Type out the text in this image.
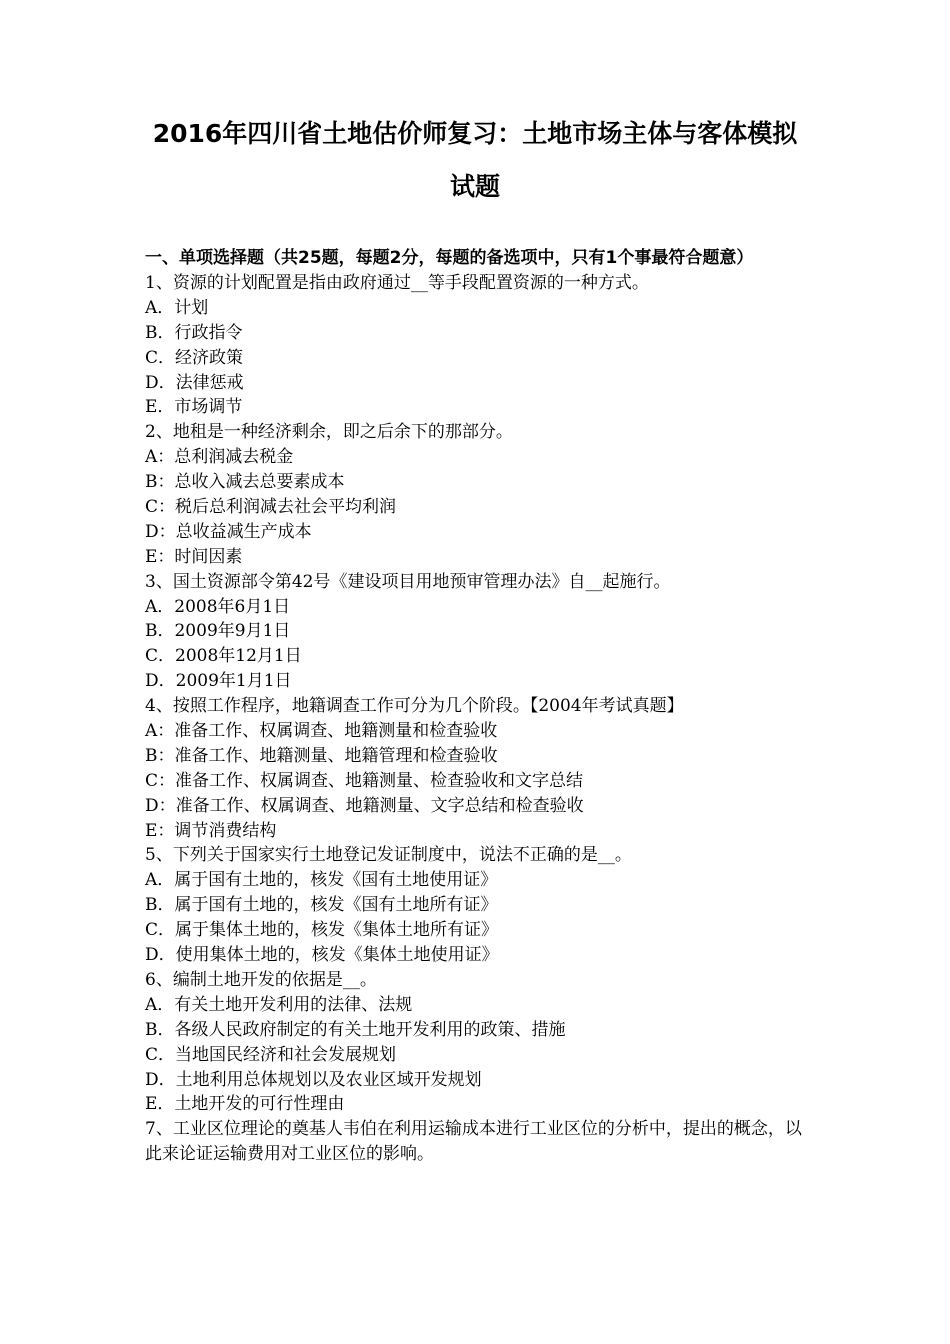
2016年四川省土地估价师复习：土地市场主体与客体模拟
试题
一、单项选择题（共25题，每题2分，每题的备选项中，只有1个事最符合题意）
1、资源的计划配置是指由政府通过__等手段配置资源的一种方式。
A．计划
B．行政指令
C．经济政策
D．法律惩戒
E．市场调节
2、地租是一种经济剩余，即之后余下的那部分。
A：总利润减去税金
B：总收入减去总要素成本
C：税后总利润减去社会平均利润
D：总收益减生产成本
E：时间因素
3、国土资源部令第42号《建设项目用地预审管理办法》自__起施行。
A．2008年6月1日
B．2009年9月1日
C．2008年12月1日
D．2009年1月1日
4、按照工作程序，地籍调查工作可分为几个阶段。【2004年考试真题】
A：准备工作、权属调查、地籍测量和检查验收
B：准备工作、地籍测量、地籍管理和检查验收
C：准备工作、权属调查、地籍测量、检查验收和文字总结
D：准备工作、权属调查、地籍测量、文字总结和检查验收
E：调节消费结构
5、下列关于国家实行土地登记发证制度中，说法不正确的是__。
A．属于国有土地的，核发《国有土地使用证》
B．属于国有土地的，核发《国有土地所有证》
C．属于集体土地的，核发《集体土地所有证》
D．使用集体土地的，核发《集体土地使用证》
6、编制土地开发的依据是__。
A．有关土地开发利用的法律、法规
B．各级人民政府制定的有关土地开发利用的政策、措施
C．当地国民经济和社会发展规划
D．土地利用总体规划以及农业区域开发规划
E．土地开发的可行性理由
7、工业区位理论的奠基人韦伯在利用运输成本进行工业区位的分析中，提出的概念，以此来论证运输费用对工业区位的影响。
